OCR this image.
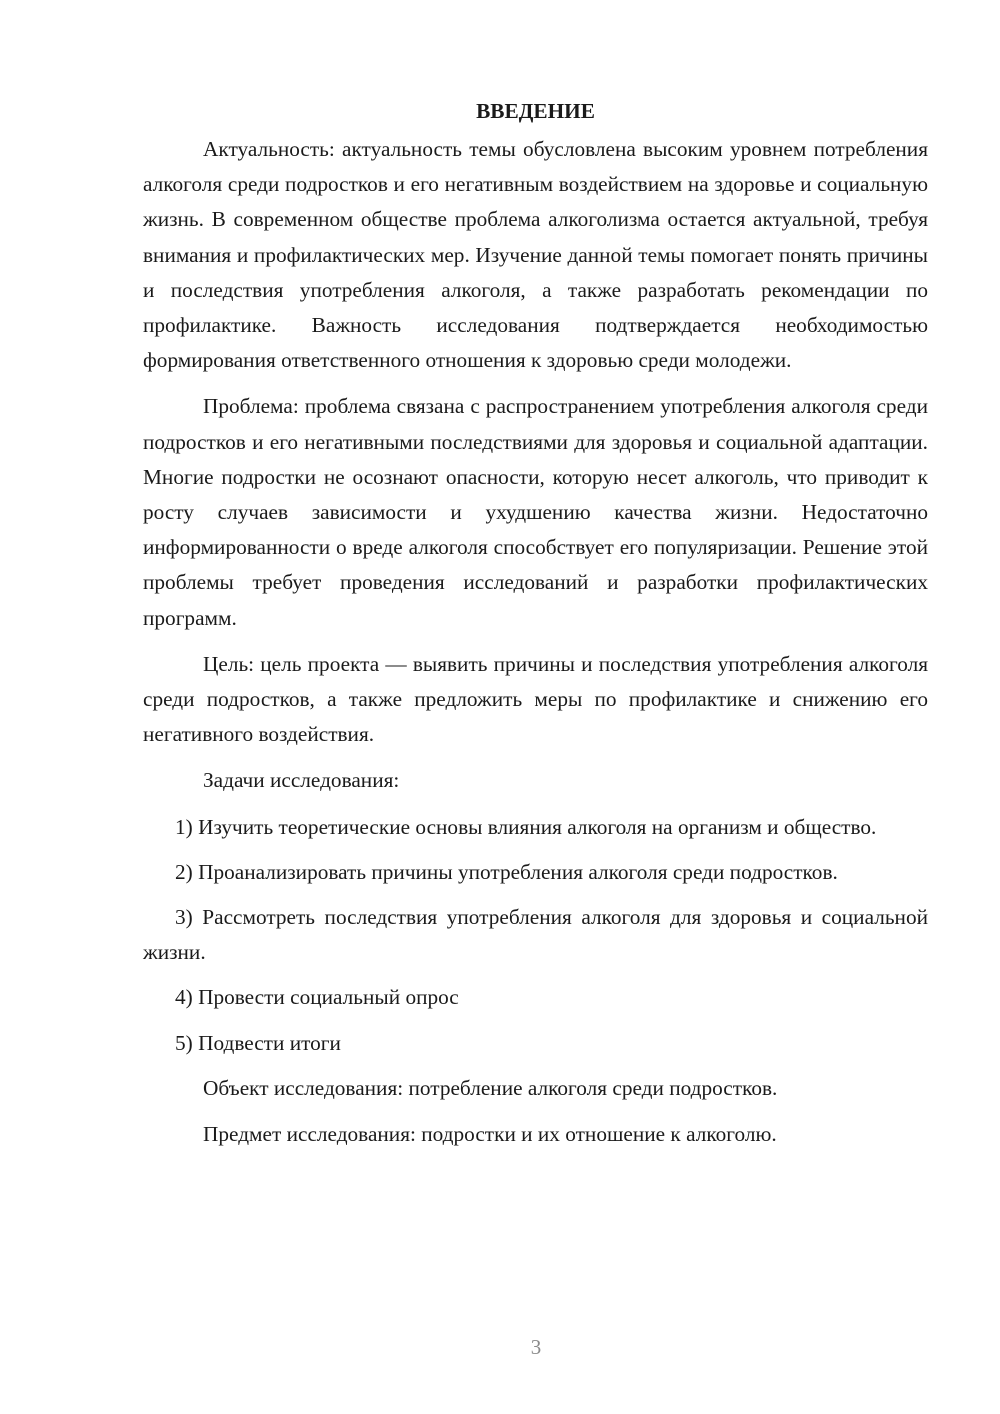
ВВЕДЕНИЕ

Актуальность: актуальность темы обусловлена высоким уровнем потребления алкоголя среди подростков и его негативным воздействием на здоровье и социальную жизнь. В современном обществе проблема алкоголизма остается актуальной, требуя внимания и профилактических мер. Изучение данной темы помогает понять причины и последствия употребления алкоголя, а также разработать рекомендации по профилактике. Важность исследования подтверждается необходимостью формирования ответственного отношения к здоровью среди молодежи.

Проблема: проблема связана с распространением употребления алкоголя среди подростков и его негативными последствиями для здоровья и социальной адаптации. Многие подростки не осознают опасности, которую несет алкоголь, что приводит к росту случаев зависимости и ухудшению качества жизни. Недостаточно информированности о вреде алкоголя способствует его популяризации. Решение этой проблемы требует проведения исследований и разработки профилактических программ.

Цель: цель проекта — выявить причины и последствия употребления алкоголя среди подростков, а также предложить меры по профилактике и снижению его негативного воздействия.

Задачи исследования:

1) Изучить теоретические основы влияния алкоголя на организм и общество.

2) Проанализировать причины употребления алкоголя среди подростков.

3) Рассмотреть последствия употребления алкоголя для здоровья и социальной жизни.

4) Провести социальный опрос

5) Подвести итоги

Объект исследования: потребление алкоголя среди подростков.

Предмет исследования: подростки и их отношение к алкоголю.

3
